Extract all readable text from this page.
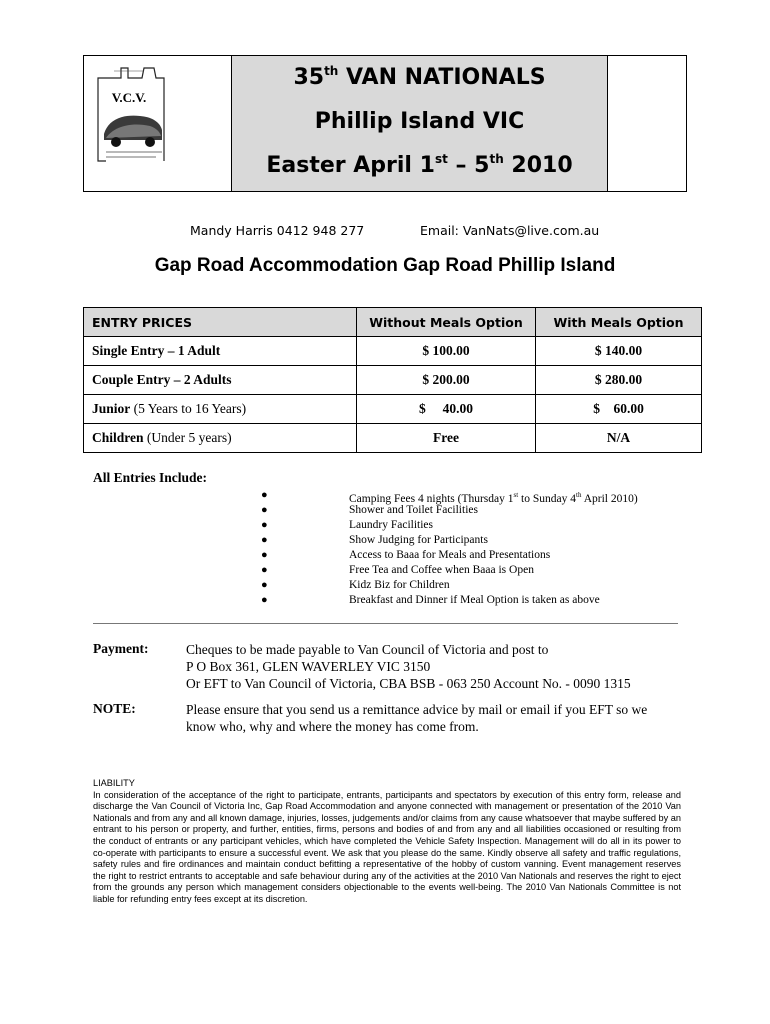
V.C.V.
35th VAN NATIONALS
Phillip Island VIC
Easter April 1st – 5th 2010
Mandy Harris 0412 948 277	Email: VanNats@live.com.au
Gap Road Accommodation Gap Road Phillip Island
ENTRY PRICES	Without Meals Option	With Meals Option
Single Entry – 1 Adult	$ 100.00	$ 140.00
Couple Entry – 2 Adults	$ 200.00	$ 280.00
Junior (5 Years to 16 Years)	$     40.00	$    60.00
Children (Under 5 years)	Free	N/A
All Entries Include:
●	Camping Fees 4 nights (Thursday 1st to Sunday 4th April 2010)
●	Shower and Toilet Facilities
●	Laundry Facilities
●	Show Judging for Participants
●	Access to Baaa for Meals and Presentations
●	Free Tea and Coffee when Baaa is Open
●	Kidz Biz for Children
●	Breakfast and Dinner if Meal Option is taken as above
Payment:	Cheques to be made payable to Van Council of Victoria and post to
P O Box 361, GLEN WAVERLEY VIC 3150
Or EFT to Van Council of Victoria, CBA BSB - 063 250 Account No. - 0090 1315
NOTE:	Please ensure that you send us a remittance advice by mail or email if you EFT so we
know who, why and where the money has come from.
LIABILITY
In consideration of the acceptance of the right to participate, entrants, participants and spectators by execution of this entry form, release and discharge the Van Council of Victoria Inc, Gap Road Accommodation and anyone connected with management or presentation of the 2010 Van Nationals and from any and all known damage, injuries, losses, judgements and/or claims from any cause whatsoever that maybe suffered by an entrant to his person or property, and further, entities, firms, persons and bodies of and from any and all liabilities occasioned or resulting from the conduct of entrants or any participant vehicles, which have completed the Vehicle Safety Inspection. Management will do all in its power to co-operate with participants to ensure a successful event. We ask that you please do the same. Kindly observe all safety and traffic regulations, safety rules and fire ordinances and maintain conduct befitting a representative of the hobby of custom vanning. Event management reserves the right to restrict entrants to acceptable and safe behaviour during any of the activities at the 2010 Van Nationals and reserves the right to eject from the grounds any person which management considers objectionable to the events well-being. The 2010 Van Nationals Committee is not liable for refunding entry fees except at its discretion.
